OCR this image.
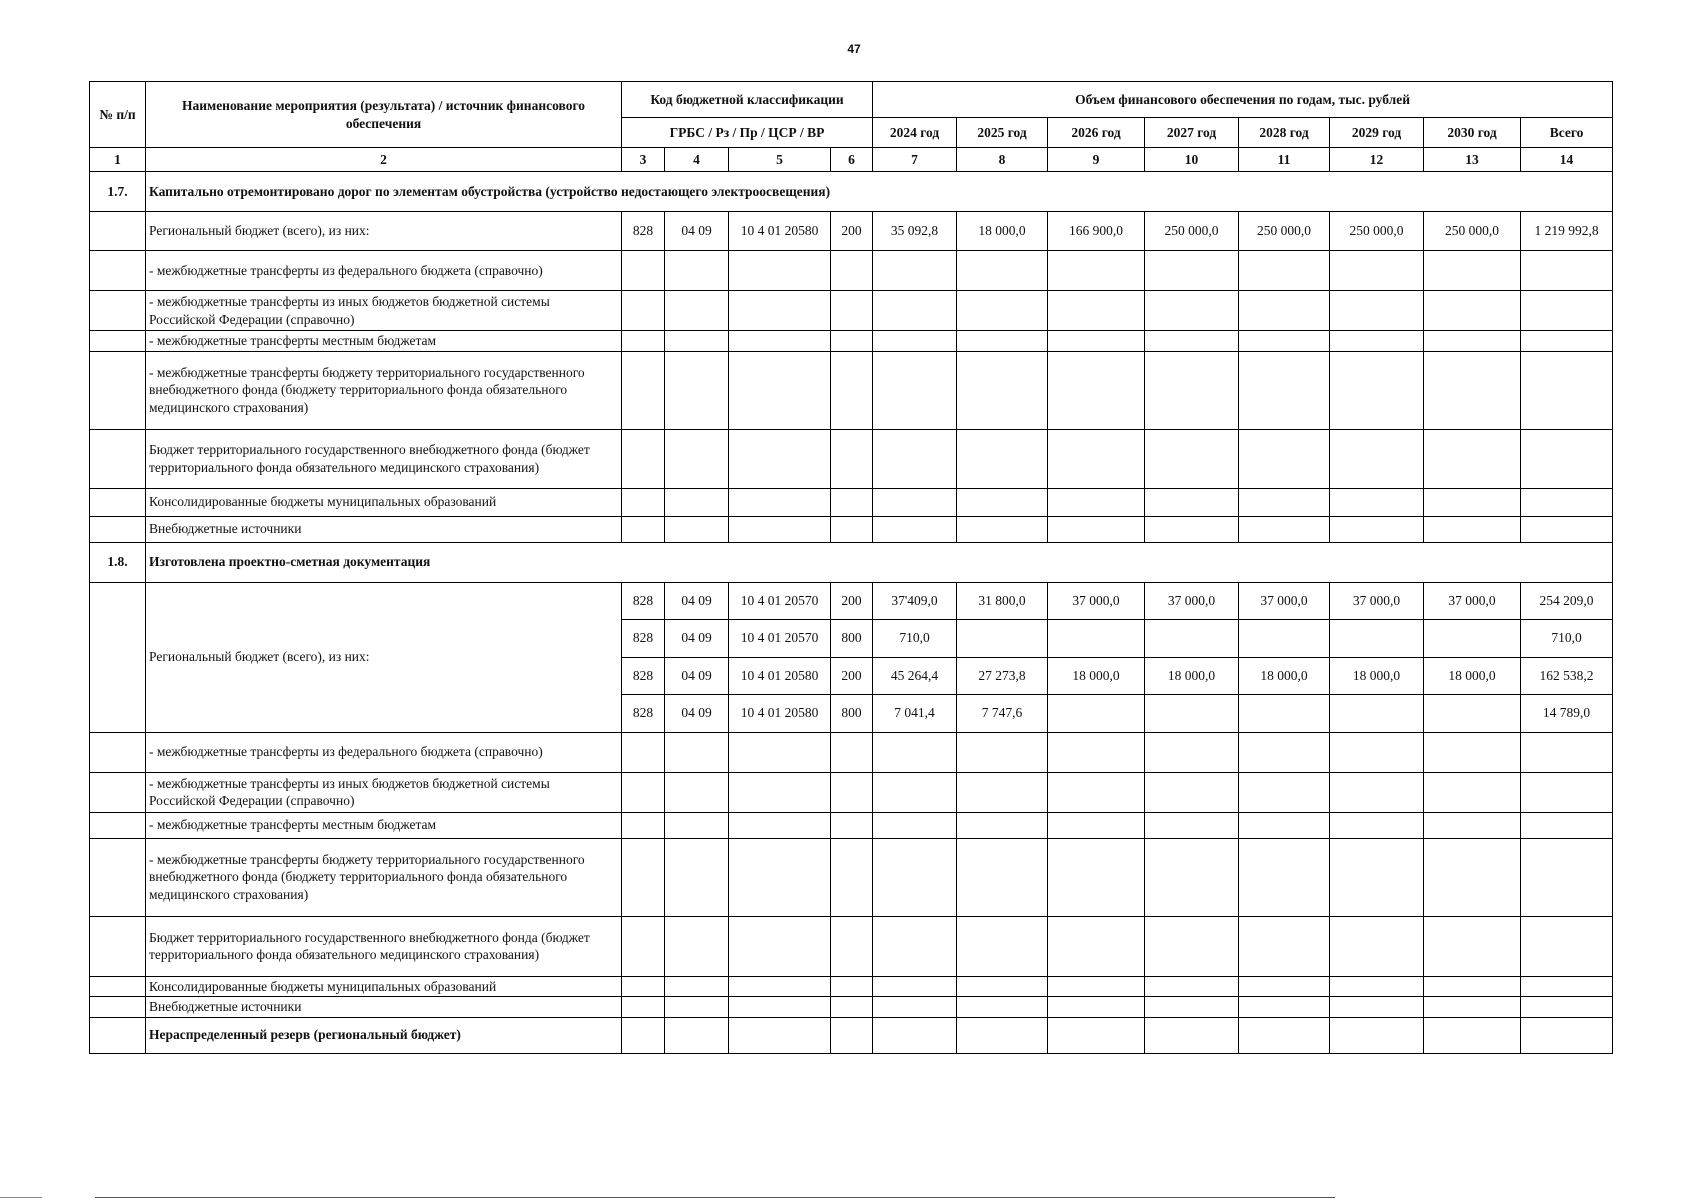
47
№ п/п	Наименование мероприятия (результата) / источник финансового обеспечения	Код бюджетной классификации				Объем финансового обеспечения по годам, тыс. рублей							
		ГРБС / Рз / Пр / ЦСР / ВР				2024 год	2025 год	2026 год	2027 год	2028 год	2029 год	2030 год	Всего
1	2	3	4	5	6	7	8	9	10	11	12	13	14
1.7.	Капитально отремонтировано дорог по элементам обустройства (устройство недостающего электроосвещения)												
	Региональный бюджет (всего), из них:	828	04 09	10 4 01 20580	200	35 092,8	18 000,0	166 900,0	250 000,0	250 000,0	250 000,0	250 000,0	1 219 992,8
	- межбюджетные трансферты из федерального бюджета (справочно)												
	- межбюджетные трансферты из иных бюджетов бюджетной системы Российской Федерации (справочно)												
	- межбюджетные трансферты местным бюджетам												
	- межбюджетные трансферты бюджету территориального государственного внебюджетного фонда (бюджету территориального фонда обязательного медицинского страхования)												
	Бюджет территориального государственного внебюджетного фонда (бюджет территориального фонда обязательного медицинского страхования)												
	Консолидированные бюджеты муниципальных образований												
	Внебюджетные источники												
1.8.	Изготовлена проектно-сметная документация												
	Региональный бюджет (всего), из них:	828	04 09	10 4 01 20570	200	37'409,0	31 800,0	37 000,0	37 000,0	37 000,0	37 000,0	37 000,0	254 209,0
		828	04 09	10 4 01 20570	800	710,0							710,0
		828	04 09	10 4 01 20580	200	45 264,4	27 273,8	18 000,0	18 000,0	18 000,0	18 000,0	18 000,0	162 538,2
		828	04 09	10 4 01 20580	800	7 041,4	7 747,6						14 789,0
	- межбюджетные трансферты из федерального бюджета (справочно)												
	- межбюджетные трансферты из иных бюджетов бюджетной системы Российской Федерации (справочно)												
	- межбюджетные трансферты местным бюджетам												
	- межбюджетные трансферты бюджету территориального государственного внебюджетного фонда (бюджету территориального фонда обязательного медицинского страхования)												
	Бюджет территориального государственного внебюджетного фонда (бюджет территориального фонда обязательного медицинского страхования)												
	Консолидированные бюджеты муниципальных образований												
	Внебюджетные источники												
	Нераспределенный резерв (региональный бюджет)												
